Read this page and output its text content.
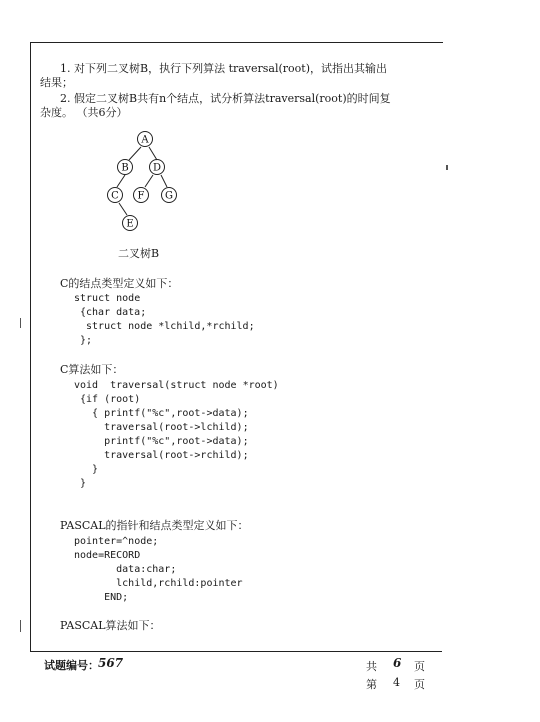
1. 对下列二叉树B，执行下列算法 traversal(root)，试指出其输出
结果；
2. 假定二叉树B共有n个结点，试分析算法traversal(root)的时间复
杂度。 （共6分）
A
B D
C F G
E
二叉树B
C的结点类型定义如下：
struct node
{char data;
struct node *lchild,*rchild;
};
C算法如下：
void  traversal(struct node *root)
{if (root)
{ printf("%c",root->data);
traversal(root->lchild);
printf("%c",root->data);
traversal(root->rchild);
}
}
PASCAL的指针和结点类型定义如下：
pointer=^node;
node=RECORD
data:char;
lchild,rchild:pointer
END;
PASCAL算法如下：
试题编号： 567	共 6 页
第 4 页
